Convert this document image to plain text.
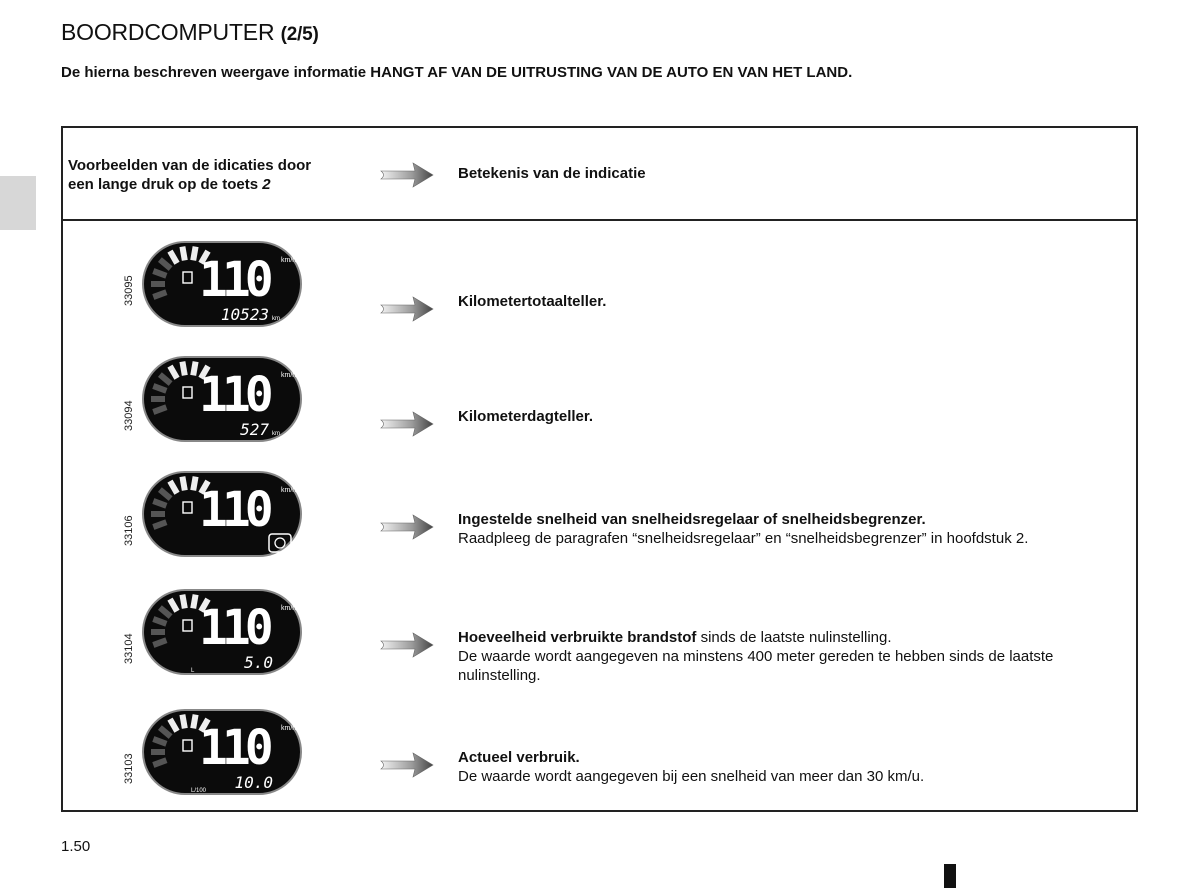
BOORDCOMPUTER (2/5)
De hierna beschreven weergave informatie HANGT AF VAN DE UITRUSTING VAN DE AUTO EN VAN HET LAND.
Voorbeelden van de idicaties door
een lange druk op de toets 2
Betekenis van de indicatie
33095 110	km/h
10523 km
Kilometertotaalteller.
33094 110	km/h
527 km
Kilometerdagteller.
33106 110	km/h
Ingestelde snelheid van snelheidsregelaar of snelheidsbegrenzer.
Raadpleeg de paragrafen “snelheidsregelaar” en “snelheidsbegrenzer” in hoofdstuk 2.
33104 110	km/h
5.0
L
Hoeveelheid verbruikte brandstof sinds de laatste nulinstelling.
De waarde wordt aangegeven na minstens 400 meter gereden te hebben sinds de laatste nulinstelling.
33103 110	km/h
10.0
L/100
Actueel verbruik.
De waarde wordt aangegeven bij een snelheid van meer dan 30 km/u.
1.50
